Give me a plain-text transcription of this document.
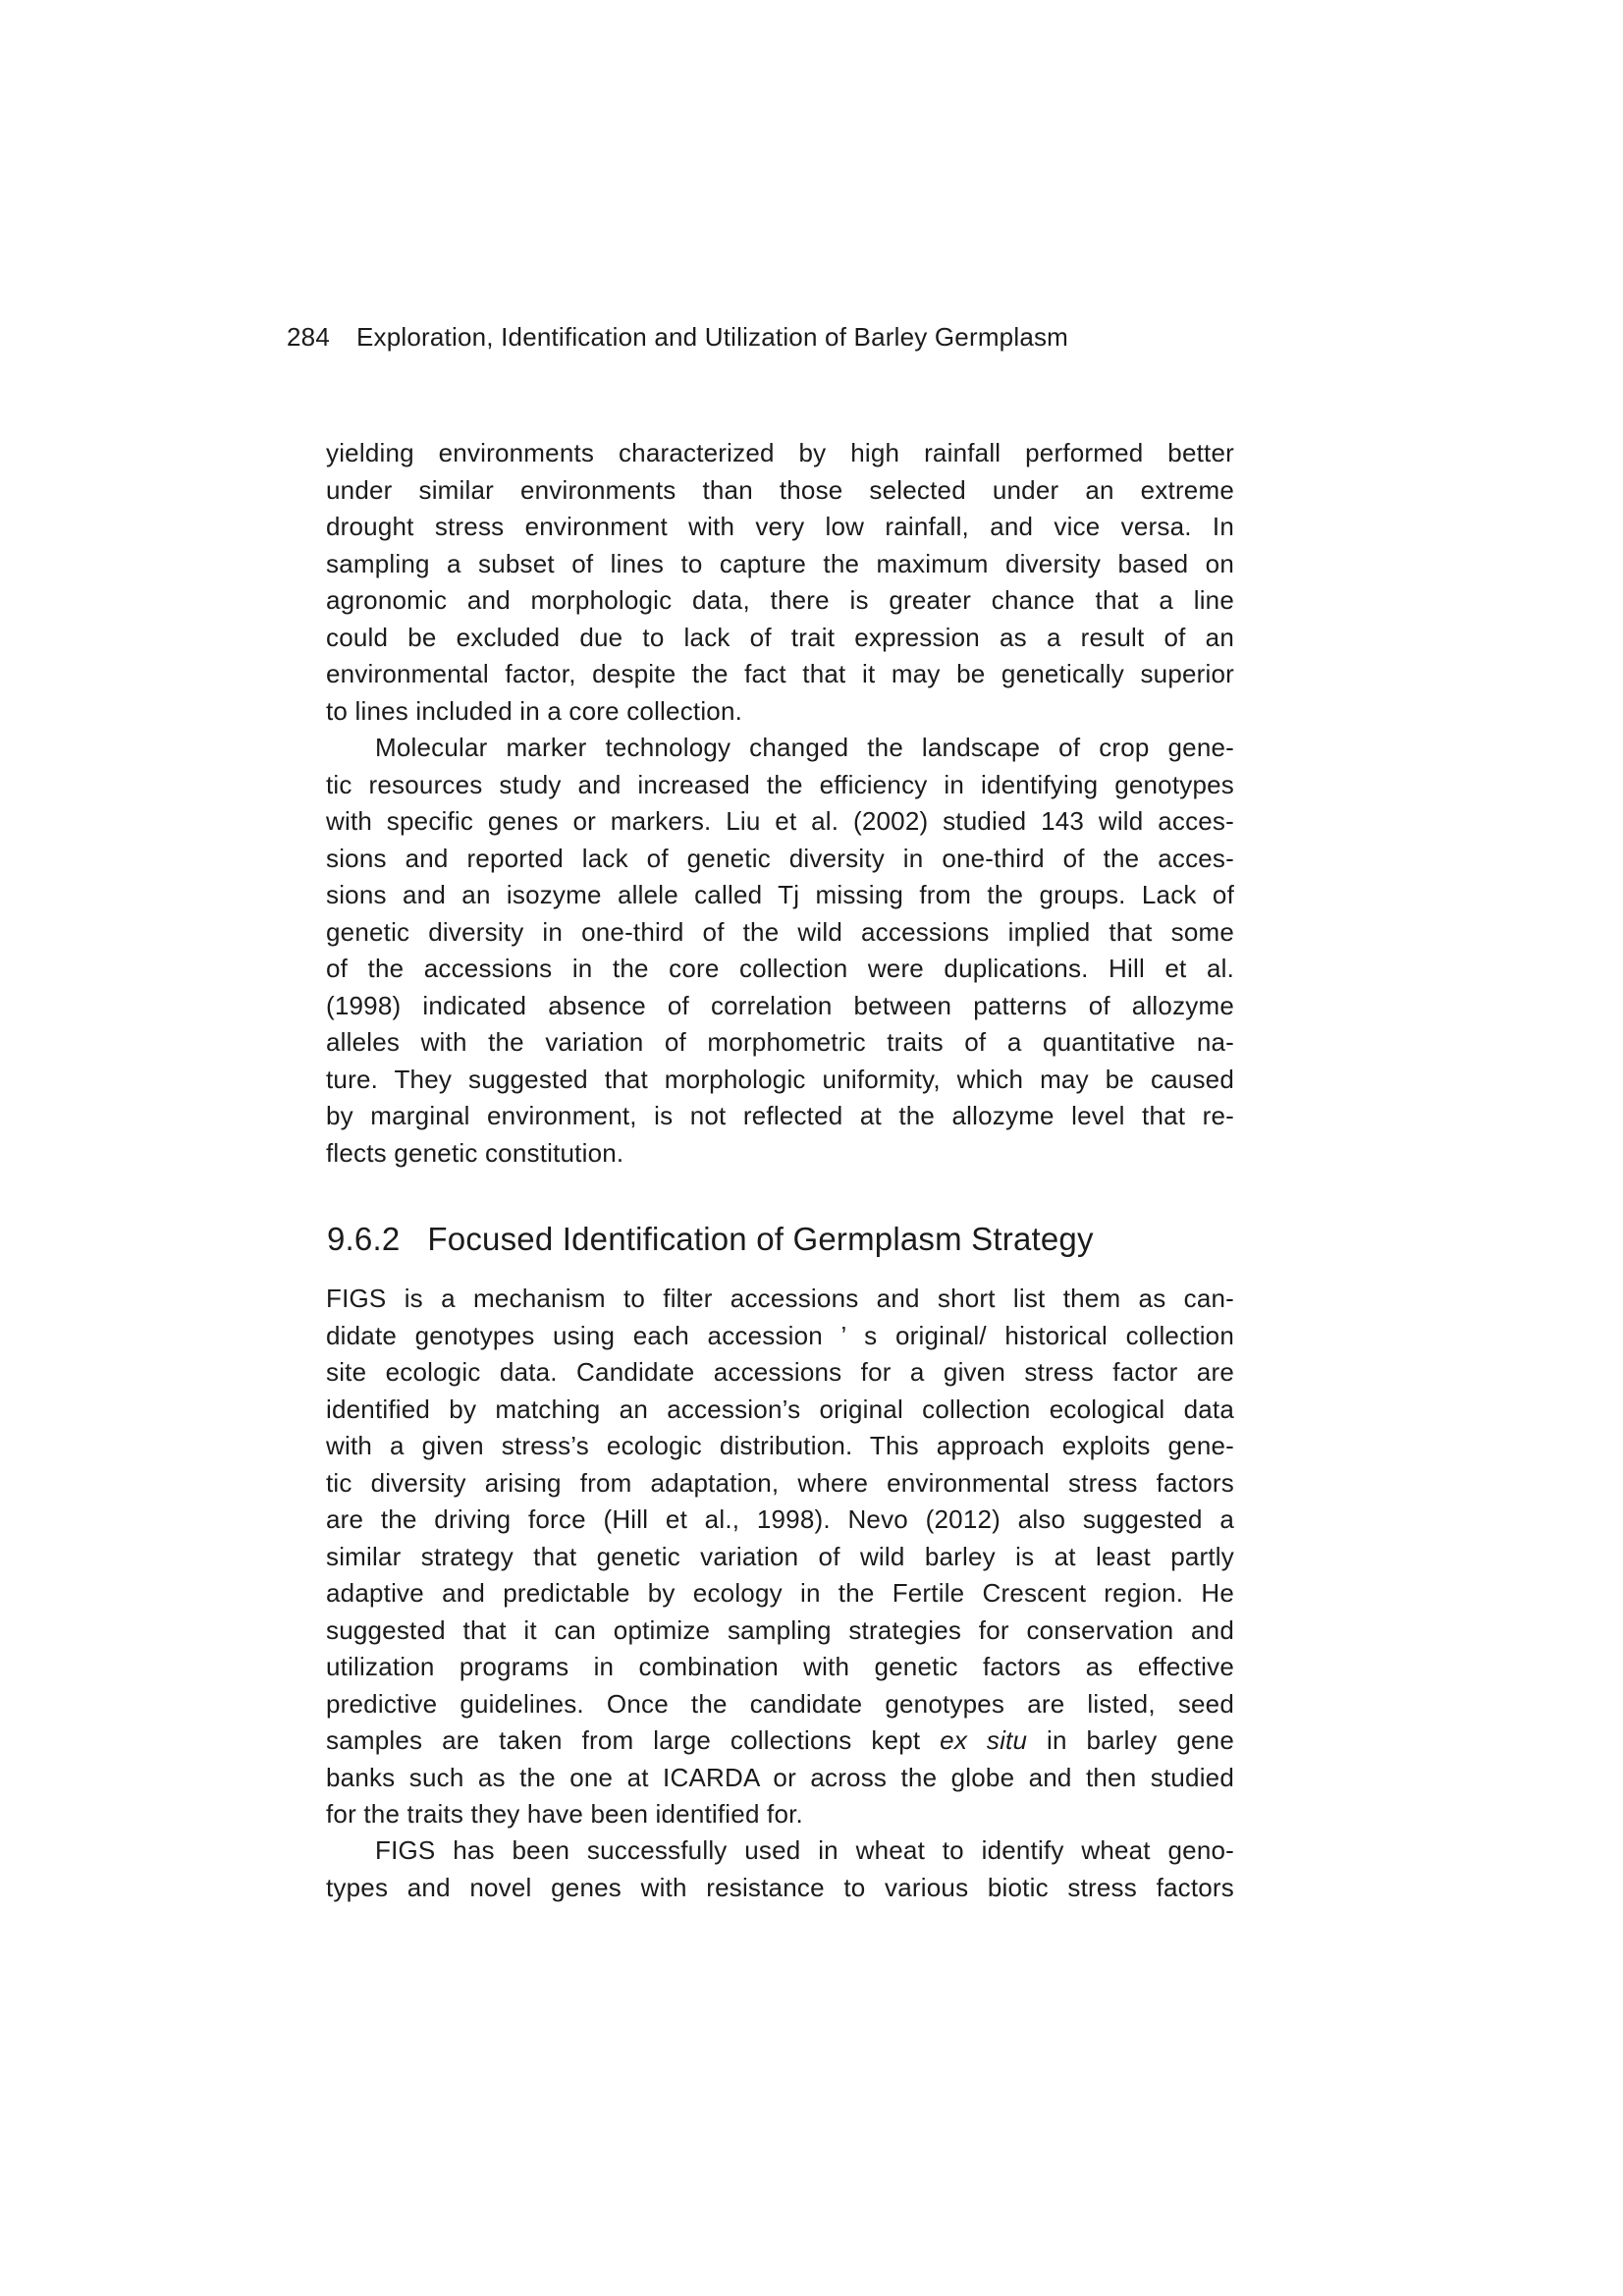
284 Exploration, Identification and Utilization of Barley Germplasm
yielding environments characterized by high rainfall performed better
under similar environments than those selected under an extreme
drought stress environment with very low rainfall, and vice versa. In
sampling a subset of lines to capture the maximum diversity based on
agronomic and morphologic data, there is greater chance that a line
could be excluded due to lack of trait expression as a result of an
environmental factor, despite the fact that it may be genetically superior
to lines included in a core collection.
Molecular marker technology changed the landscape of crop gene-
tic resources study and increased the efficiency in identifying genotypes
with specific genes or markers. Liu et al. (2002) studied 143 wild acces-
sions and reported lack of genetic diversity in one-third of the acces-
sions and an isozyme allele called Tj missing from the groups. Lack of
genetic diversity in one-third of the wild accessions implied that some
of the accessions in the core collection were duplications. Hill et al.
(1998) indicated absence of correlation between patterns of allozyme
alleles with the variation of morphometric traits of a quantitative na-
ture. They suggested that morphologic uniformity, which may be caused
by marginal environment, is not reflected at the allozyme level that re-
flects genetic constitution.
9.6.2 Focused Identification of Germplasm Strategy
FIGS is a mechanism to filter accessions and short list them as can-
didate genotypes using each accession ’ s original/ historical collection
site ecologic data. Candidate accessions for a given stress factor are
identified by matching an accession’s original collection ecological data
with a given stress’s ecologic distribution. This approach exploits gene-
tic diversity arising from adaptation, where environmental stress factors
are the driving force (Hill et al., 1998). Nevo (2012) also suggested a
similar strategy that genetic variation of wild barley is at least partly
adaptive and predictable by ecology in the Fertile Crescent region. He
suggested that it can optimize sampling strategies for conservation and
utilization programs in combination with genetic factors as effective
predictive guidelines. Once the candidate genotypes are listed, seed
samples are taken from large collections kept ex situ in barley gene
banks such as the one at ICARDA or across the globe and then studied
for the traits they have been identified for.
FIGS has been successfully used in wheat to identify wheat geno-
types and novel genes with resistance to various biotic stress factors
